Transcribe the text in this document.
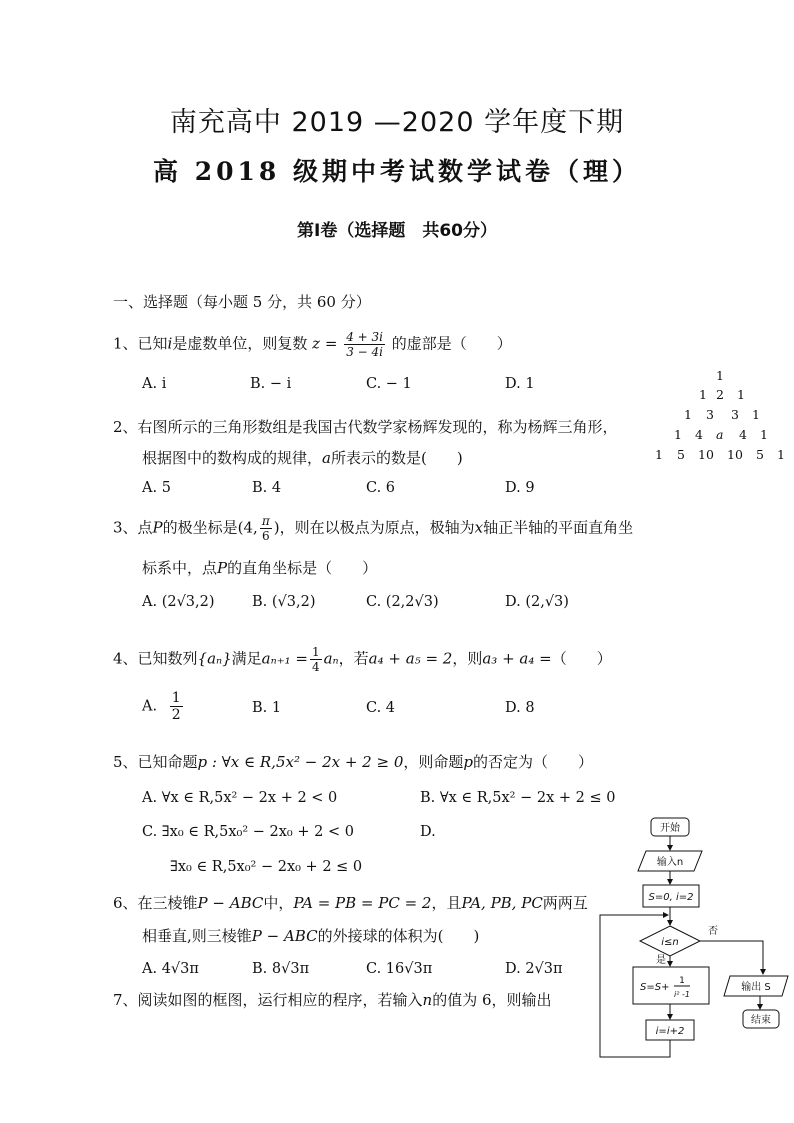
南充高中 2019 —2020 学年度下期
高 2018 级期中考试数学试卷（理）
第Ⅰ卷（选择题　共60分）
一、选择题（每小题 5 分，共 60 分）
1、已知i是虚数单位，则复数 $z = \frac{4 + 3i}{3 - 4i}$ 的虚部是（　　）
A. i	B. − i	C. − 1	D. 1
1
1 2 1
1 3 3 1
1 4 a 4 1
1 5 10 10 5 1
2、右图所示的三角形数组是我国古代数学家杨辉发现的，称为杨辉三角形，
根据图中的数构成的规律，a所表示的数是(　　)
A. 5	B. 4	C. 6	D. 9
3、点P的极坐标是(4, $\frac{\pi}{6}$ )，则在以极点为原点，极轴为x轴正半轴的平面直角坐
标系中，点P的直角坐标是（　　）
A. (2√3,2)	B. (√3,2)	C. (2,2√3)	D. (2,√3)
4、已知数列{aₙ}满足$a_{n+1} = \frac{1}{4}$ aₙ，若a₄ + a₅ = 2，则a₃ + a₄ =（　　）
A. $\frac{1}{2}$	B. 1	C. 4	D. 8
5、已知命题p : ∀x ∈ R,5x² − 2x + 2 ≥ 0，则命题p的否定为（　　）
A. ∀x ∈ R,5x² − 2x + 2 < 0	B. ∀x ∈ R,5x² − 2x + 2 ≤ 0
C. ∃x₀ ∈ R,5x₀² − 2x₀ + 2 < 0	D.
∃x₀ ∈ R,5x₀² − 2x₀ + 2 ≤ 0
6、在三棱锥P − ABC中，PA = PB = PC = 2，且PA, PB, PC两两互
相垂直,则三棱锥P − ABC的外接球的体积为(　　)
A. 4√3π	B. 8√3π	C. 16√3π	D. 2√3π
7、阅读如图的框图，运行相应的程序，若输入n的值为 6，则输出
开始
输入n
S=0, i=2
i≤n
否
是
S=S+
1
i² -1
i=i+2
输出 S
结束
